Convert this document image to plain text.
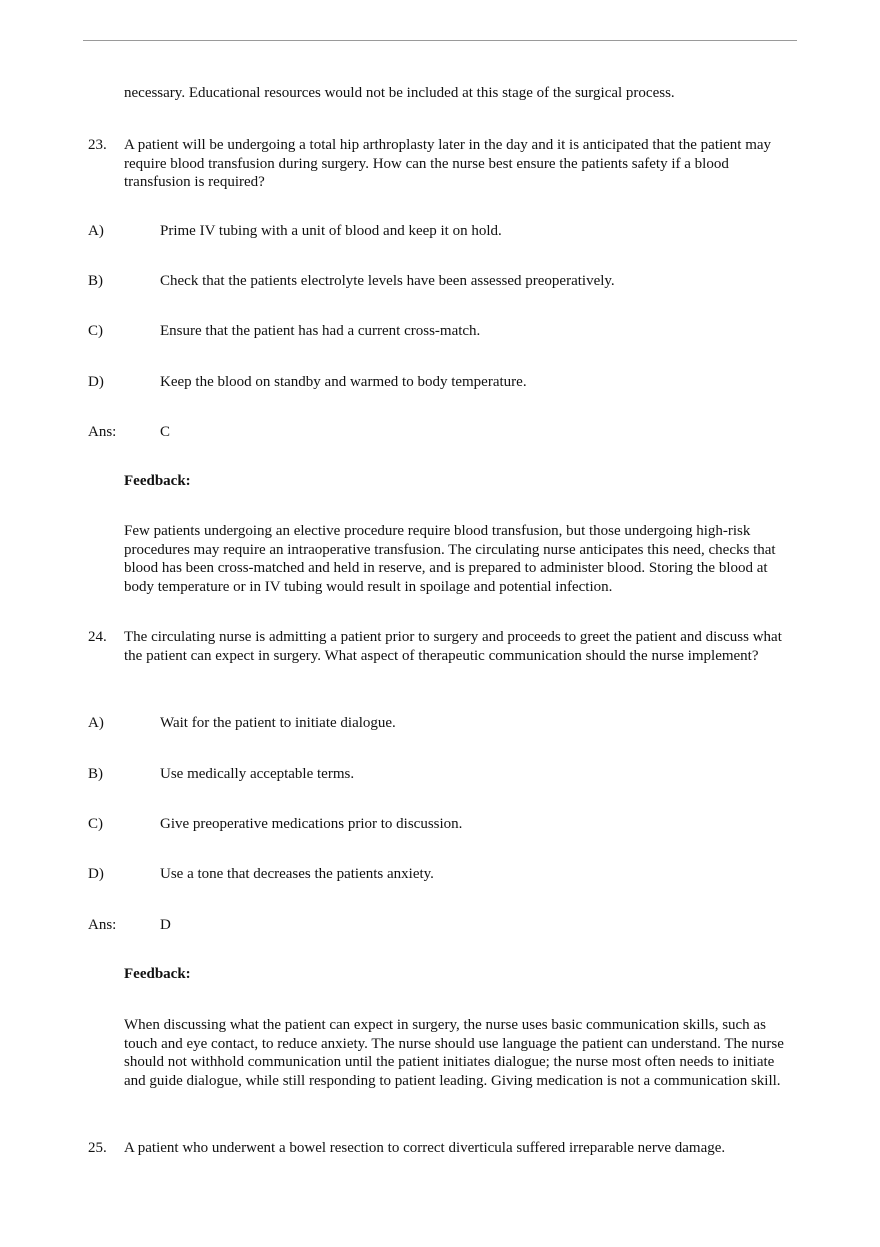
necessary. Educational resources would not be included at this stage of the surgical process.

23. A patient will be undergoing a total hip arthroplasty later in the day and it is anticipated that the patient may require blood transfusion during surgery. How can the nurse best ensure the patients safety if a blood transfusion is required?

A)	Prime IV tubing with a unit of blood and keep it on hold.
B)	Check that the patients electrolyte levels have been assessed preoperatively.
C)	Ensure that the patient has had a current cross-match.
D)	Keep the blood on standby and warmed to body temperature.
Ans:	C
Feedback:

Few patients undergoing an elective procedure require blood transfusion, but those undergoing high-risk procedures may require an intraoperative transfusion. The circulating nurse anticipates this need, checks that blood has been cross-matched and held in reserve, and is prepared to administer blood. Storing the blood at body temperature or in IV tubing would result in spoilage and potential infection.

24. The circulating nurse is admitting a patient prior to surgery and proceeds to greet the patient and discuss what the patient can expect in surgery. What aspect of therapeutic communication should the nurse implement?

A)	Wait for the patient to initiate dialogue.
B)	Use medically acceptable terms.
C)	Give preoperative medications prior to discussion.
D)	Use a tone that decreases the patients anxiety.
Ans:	D
Feedback:

When discussing what the patient can expect in surgery, the nurse uses basic communication skills, such as touch and eye contact, to reduce anxiety. The nurse should use language the patient can understand. The nurse should not withhold communication until the patient initiates dialogue; the nurse most often needs to initiate and guide dialogue, while still responding to patient leading. Giving medication is not a communication skill.

25. A patient who underwent a bowel resection to correct diverticula suffered irreparable nerve damage.
